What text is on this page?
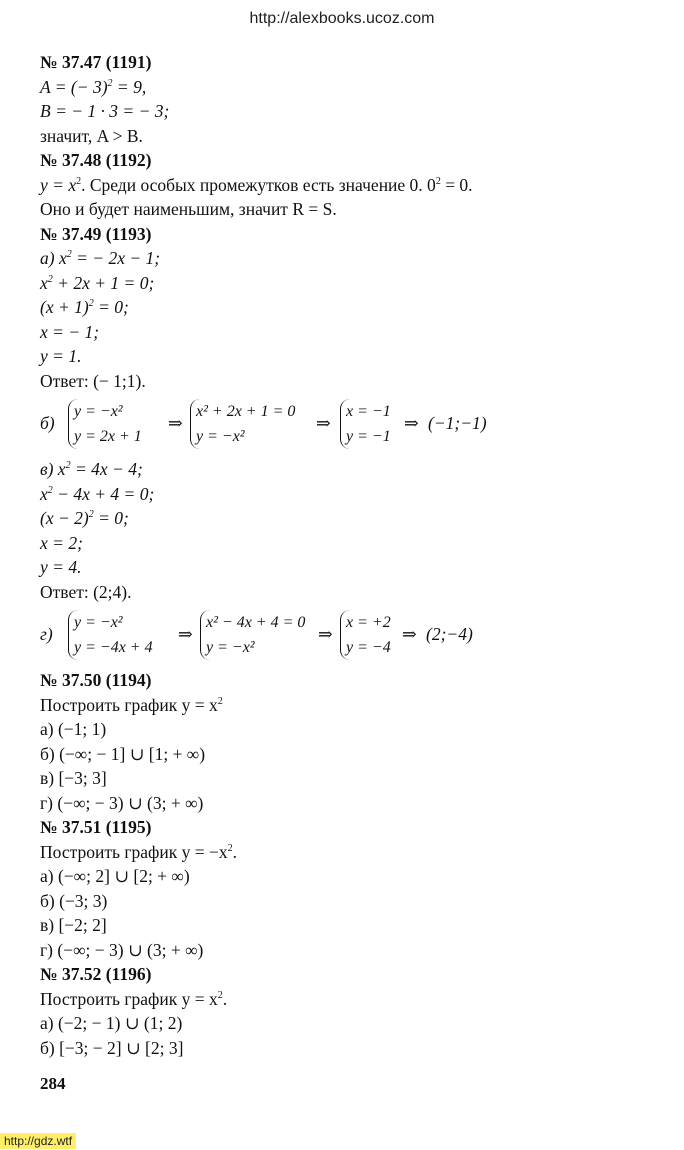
http://alexbooks.ucoz.com
№ 37.47 (1191)
A = (− 3)$^2$ = 9,
B = − 1 · 3 = − 3;
значит, A > B.
№ 37.48 (1192)
$y = x^2$. Среди особых промежутков есть значение 0. $0^2 = 0$.
Оно и будет наименьшим, значит R = S.
№ 37.49 (1193)
а) $x^2$ = − 2x − 1;
$x^2 + 2x + 1 = 0$;
$(x + 1)^2 = 0$;
x = − 1;
y = 1.
Ответ: (− 1;1).
б)
y = −x²
y = 2x + 1
⇒
x² + 2x + 1 = 0
y = −x²
⇒
x = −1
y = −1
⇒ (−1;−1)
в) $x^2 = 4x - 4$;
$x^2 - 4x + 4 = 0$;
$(x - 2)^2 = 0$;
x = 2;
y = 4.
Ответ: (2;4).
г)
y = −x²
y = −4x + 4
⇒
x² − 4x + 4 = 0
y = −x²
⇒
x = +2
y = −4
⇒ (2;−4)
№ 37.50 (1194)
Построить график $y = x^2$
а) (−1; 1)
б) (−∞; − 1] ∪ [1; + ∞)
в) [−3; 3]
г) (−∞; − 3) ∪ (3; + ∞)
№ 37.51 (1195)
Построить график $y = -x^2$.
а) (−∞; 2] ∪ [2; + ∞)
б) (−3; 3)
в) [−2; 2]
г) (−∞; − 3) ∪ (3; + ∞)
№ 37.52 (1196)
Построить график $y = x^2$.
а) (−2; − 1) ∪ (1; 2)
б) [−3; − 2] ∪ [2; 3]
284
http://gdz.wtf
